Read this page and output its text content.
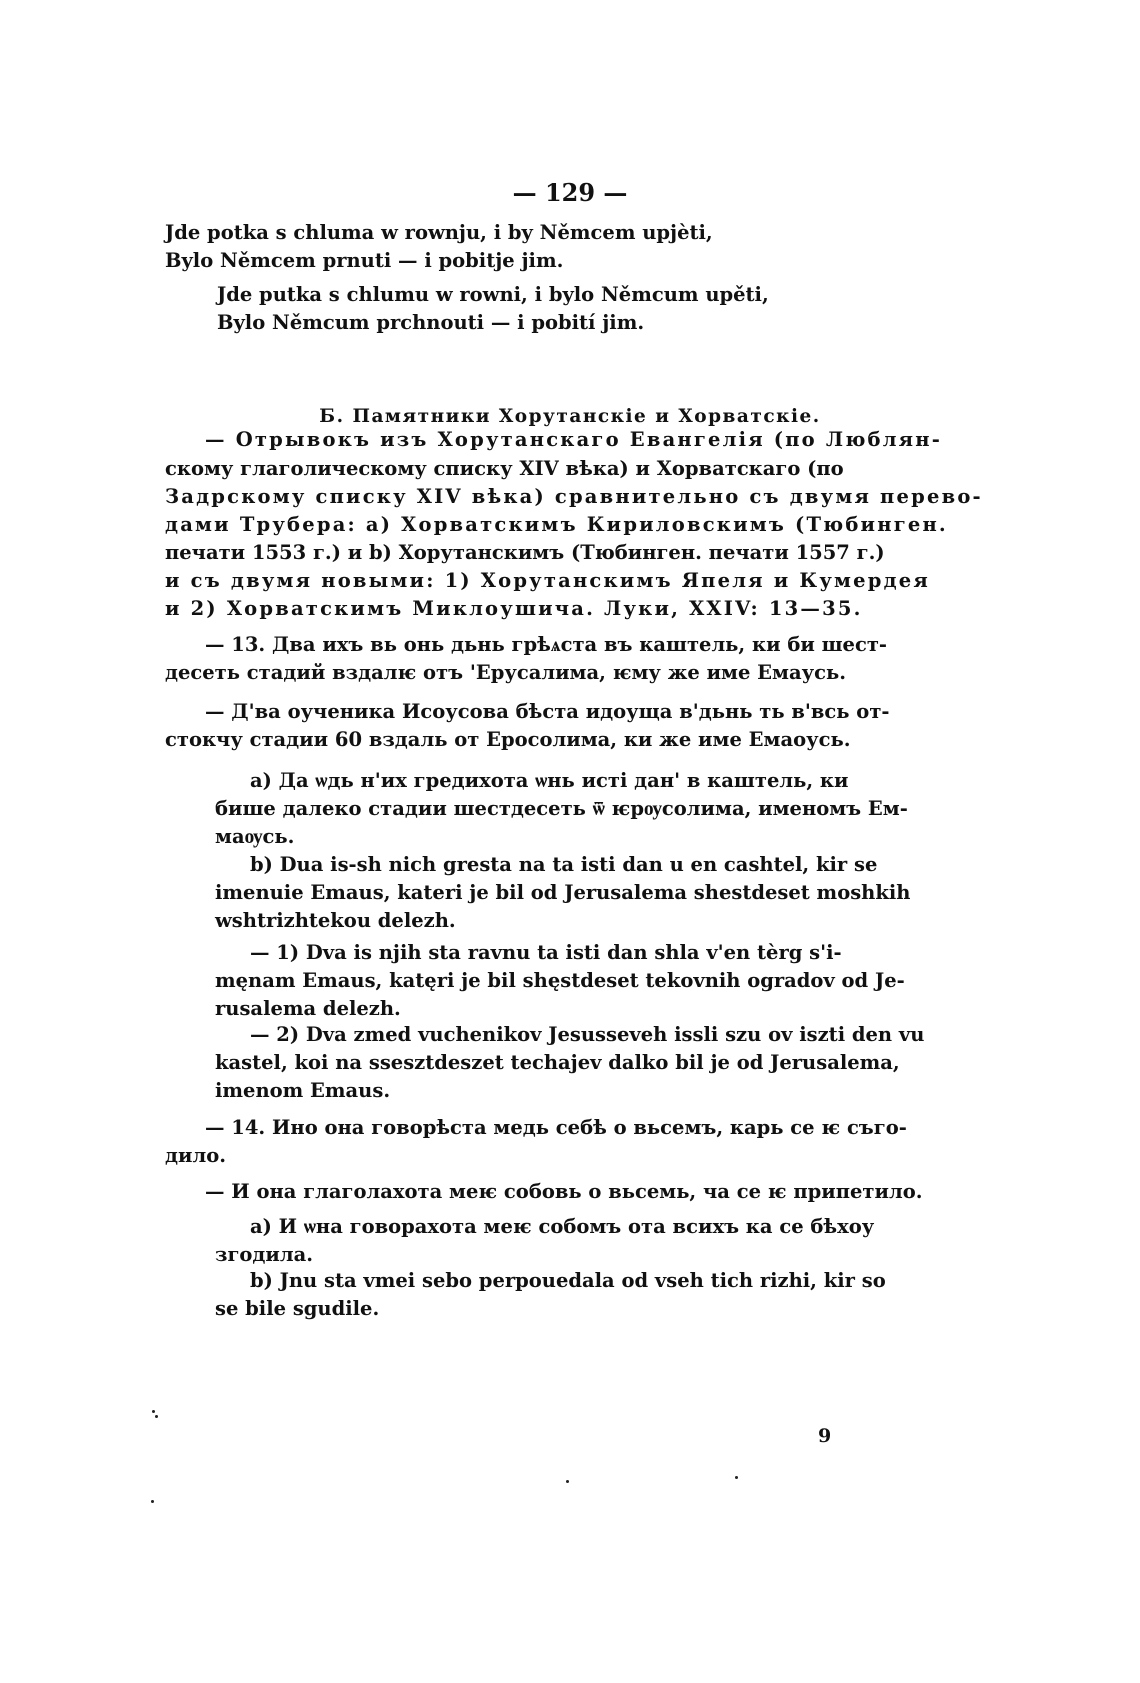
— 129 —
Jde potka s chluma w rownju, i by Němcem upjèti,
Bylo Němcem prnuti — i pobitje jim.
Jde putka s chlumu w rowni, i bylo Němcum upěti,
Bylo Němcum prchnouti — i pobití jim.
Б. Памятники Хорутанскіе и Хорватскіе.
— Отрывокъ изъ Хорутанскаго Евангелія (по Люблян-
скому глаголическому списку XIV вѣка) и Хорватскаго (по
Задрскому списку XIV вѣка) сравнительно съ двумя перево-
дами Трубера: а) Хорватскимъ Кириловскимъ (Тюбинген.
печати 1553 г.) и b) Хорутанскимъ (Тюбинген. печати 1557 г.)
и съ двумя новыми: 1) Хорутанскимъ Япеля и Кумердея
и 2) Хорватскимъ Миклоушича. Луки, XXIV: 13—35.
— 13. Два ихъ вь онь дьнь грѣѧста въ каштель, ки би шест-
десеть стадий вздалѥ отъ 'Ерусалима, ѥму же име Емаусь.
— Д'ва оученика Исоусова бѣста идоуща в'дьнь ть в'всь от-
стокчу стадии 60 вздаль от Еросолима, ки же име Емаоусь.
а) Да ѡдь н'их гредихота ѡнь исті дан' в каштель, ки
бише далеко стадии шестдесеть ѿ ѥрѹсолима, именомъ Ем-
маѹсь.
b) Dua is-sh nich gresta na ta isti dan u en cashtel, kir se
imenuie Emaus, kateri je bil od Jerusalema shestdeset moshkih
wshtrizhtekou delezh.
— 1) Dva is njih sta ravnu ta isti dan shla v'en tèrg s'i-
męnam Emaus, katęri je bil shęstdeset tekovnih ogradov od Je-
rusalema delezh.
— 2) Dva zmed vuchenikov Jesusseveh issli szu ov iszti den vu
kastel, koi na ssesztdeszet techajev dalko bil je od Jerusalema,
imenom Emaus.
— 14. Ино она говорѣста медь себѣ о вьсемъ, карь се ѥ съго-
дило.
— И она глаголахота меѥ собовь о вьсемь, ча се ѥ припетило.
а) И ѡна говорахота меѥ собомъ ота всихъ ка се бѣхоу
згодила.
b) Jnu sta vmei sebo perpouedala od vseh tich rizhi, kir so
se bile sgudile.
9
